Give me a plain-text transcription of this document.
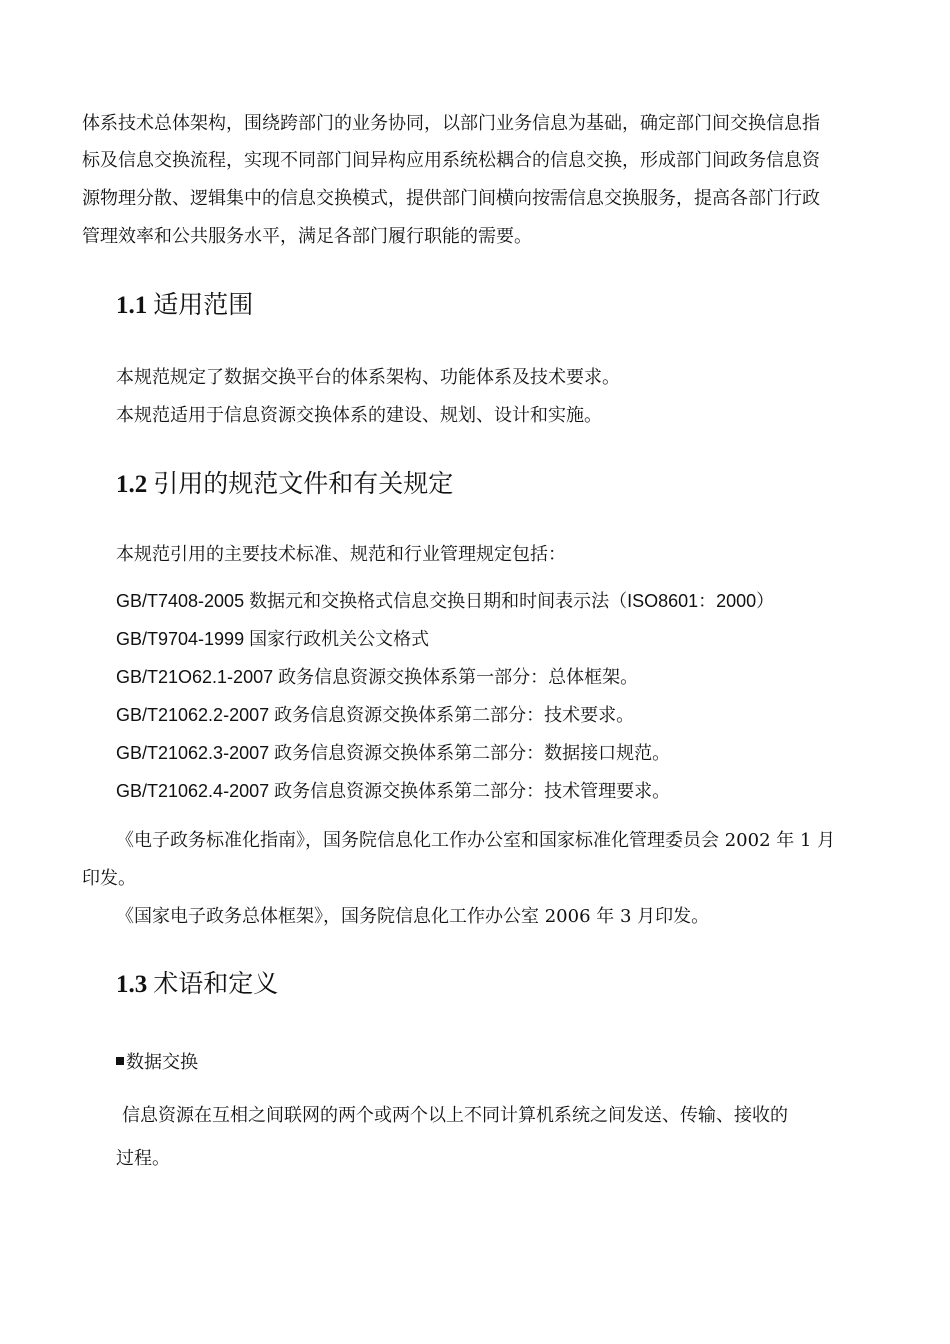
体系技术总体架构，围绕跨部门的业务协同，以部门业务信息为基础，确定部门间交换信息指
标及信息交换流程，实现不同部门间异构应用系统松耦合的信息交换，形成部门间政务信息资
源物理分散、逻辑集中的信息交换模式，提供部门间横向按需信息交换服务，提高各部门行政
管理效率和公共服务水平，满足各部门履行职能的需要。
1.1 适用范围
本规范规定了数据交换平台的体系架构、功能体系及技术要求。
本规范适用于信息资源交换体系的建设、规划、设计和实施。
1.2 引用的规范文件和有关规定
本规范引用的主要技术标准、规范和行业管理规定包括：
GB/T7408-2005 数据元和交换格式信息交换日期和时间表示法（ISO8601：2000）
GB/T9704-1999 国家行政机关公文格式
GB/T21O62.1-2007 政务信息资源交换体系第一部分：总体框架。
GB/T21062.2-2007 政务信息资源交换体系第二部分：技术要求。
GB/T21062.3-2007 政务信息资源交换体系第二部分：数据接口规范。
GB/T21062.4-2007 政务信息资源交换体系第二部分：技术管理要求。
《电子政务标准化指南》，国务院信息化工作办公室和国家标准化管理委员会 2002 年 1 月
印发。
《国家电子政务总体框架》，国务院信息化工作办公室 2006 年 3 月印发。
1.3 术语和定义
数据交换
信息资源在互相之间联网的两个或两个以上不同计算机系统之间发送、传输、接收的
过程。
